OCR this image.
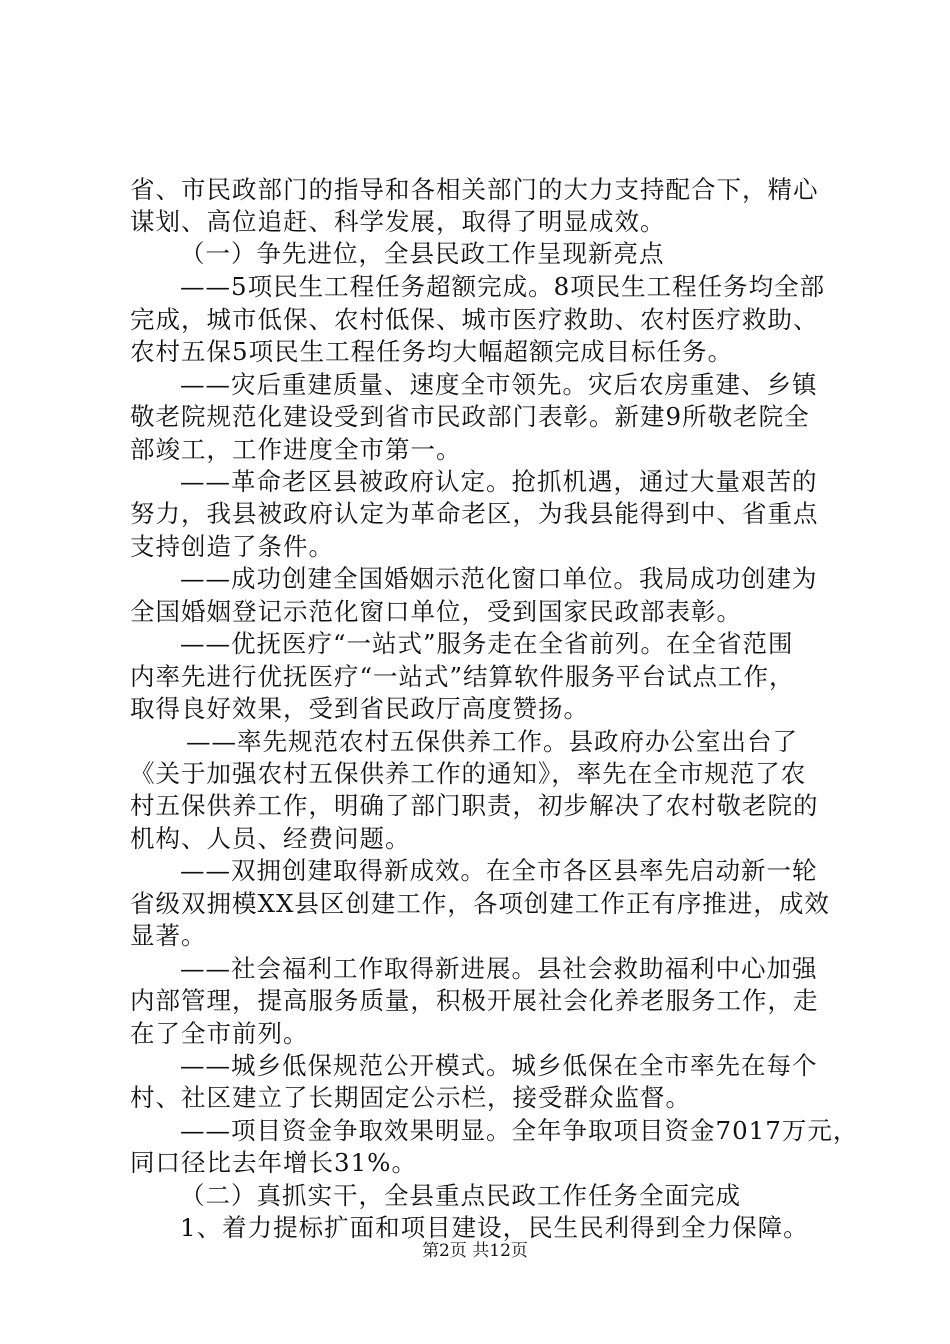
省、市民政部门的指导和各相关部门的大力支持配合下，精心
谋划、高位追赶、科学发展，取得了明显成效。
（一）争先进位，全县民政工作呈现新亮点
——5项民生工程任务超额完成。8项民生工程任务均全部
完成，城市低保、农村低保、城市医疗救助、农村医疗救助、
农村五保5项民生工程任务均大幅超额完成目标任务。
——灾后重建质量、速度全市领先。灾后农房重建、乡镇
敬老院规范化建设受到省市民政部门表彰。新建9所敬老院全
部竣工，工作进度全市第一。
——革命老区县被政府认定。抢抓机遇，通过大量艰苦的
努力，我县被政府认定为革命老区，为我县能得到中、省重点
支持创造了条件。
——成功创建全国婚姻示范化窗口单位。我局成功创建为
全国婚姻登记示范化窗口单位，受到国家民政部表彰。
——优抚医疗“一站式”服务走在全省前列。在全省范围
内率先进行优抚医疗“一站式”结算软件服务平台试点工作，
取得良好效果，受到省民政厅高度赞扬。
——率先规范农村五保供养工作。县政府办公室出台了
《关于加强农村五保供养工作的通知》，率先在全市规范了农
村五保供养工作，明确了部门职责，初步解决了农村敬老院的
机构、人员、经费问题。
——双拥创建取得新成效。在全市各区县率先启动新一轮
省级双拥模XX县区创建工作，各项创建工作正有序推进，成效
显著。
——社会福利工作取得新进展。县社会救助福利中心加强
内部管理，提高服务质量，积极开展社会化养老服务工作，走
在了全市前列。
——城乡低保规范公开模式。城乡低保在全市率先在每个
村、社区建立了长期固定公示栏，接受群众监督。
——项目资金争取效果明显。全年争取项目资金7017万元，
同口径比去年增长31%。
（二）真抓实干，全县重点民政工作任务全面完成
1、着力提标扩面和项目建设，民生民利得到全力保障。
第2页 共12页
